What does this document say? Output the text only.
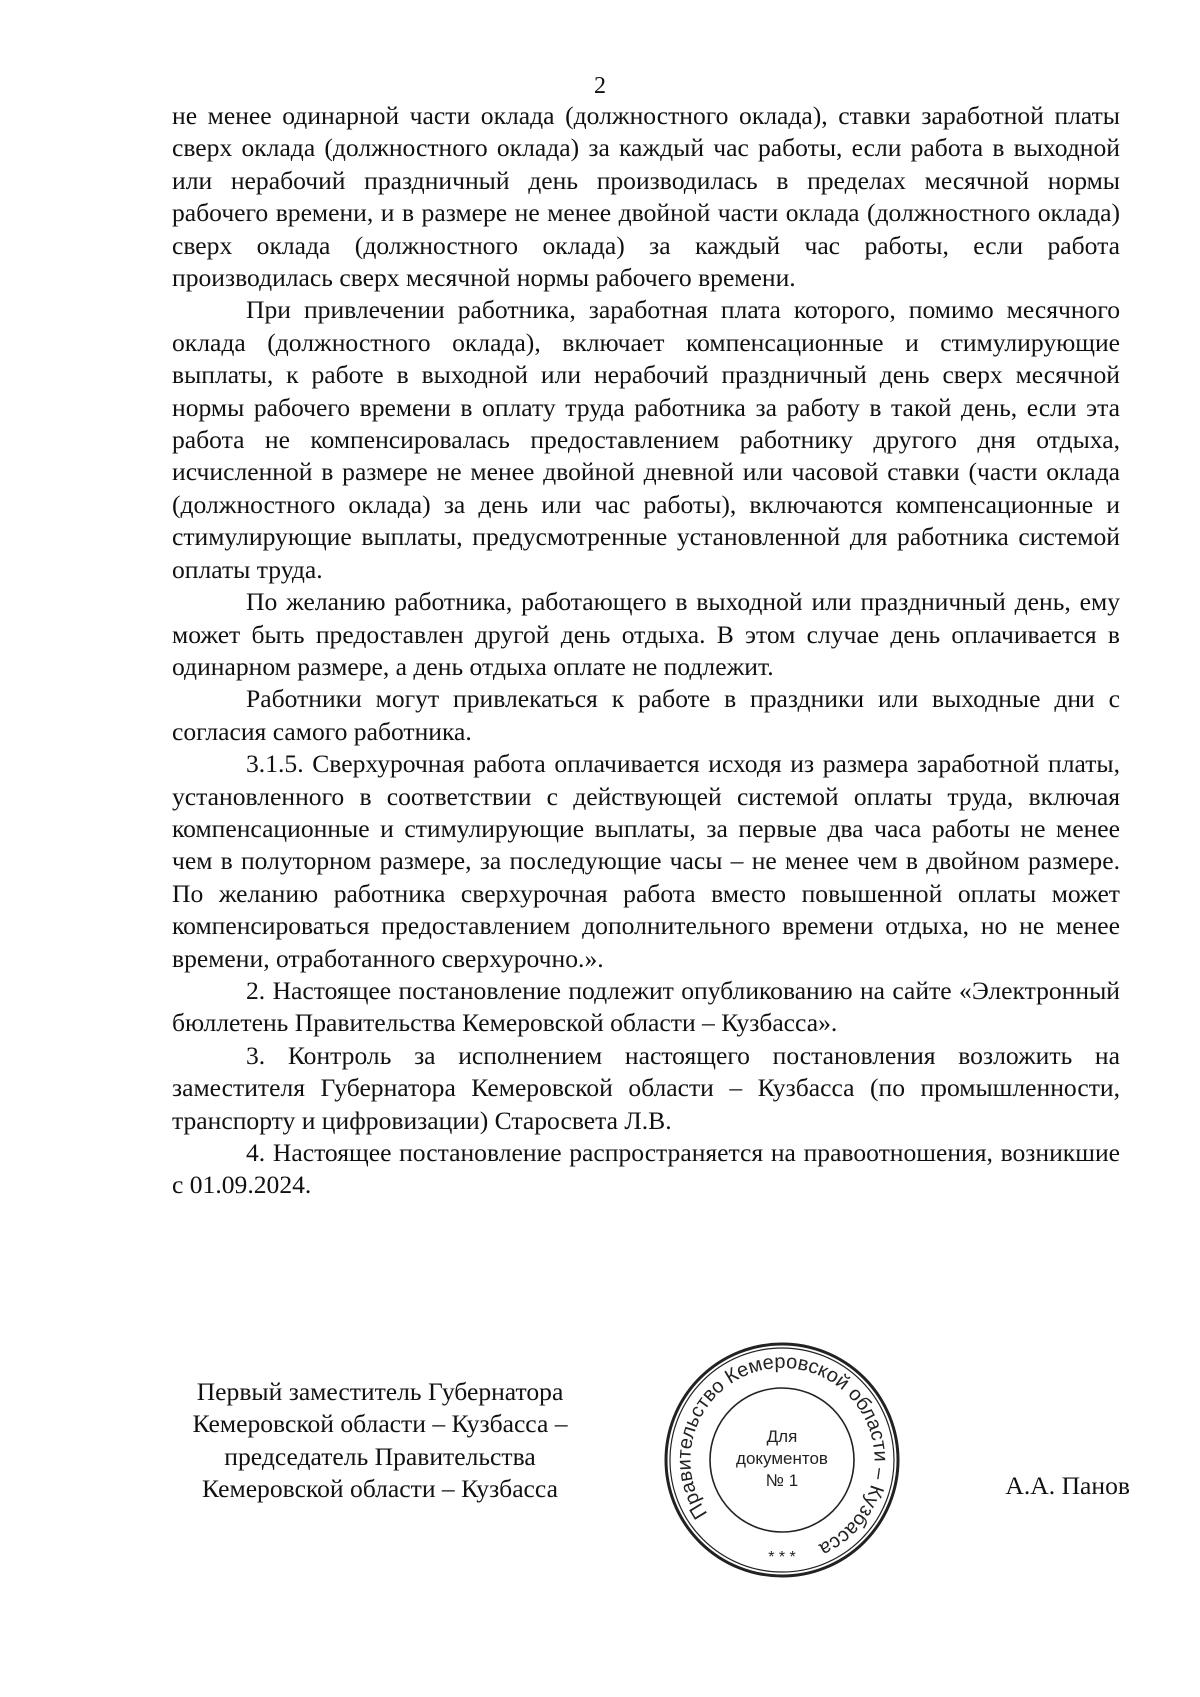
2

не менее одинарной части оклада (должностного оклада), ставки заработной платы сверх оклада (должностного оклада) за каждый час работы, если работа в выходной или нерабочий праздничный день производилась в пределах месячной нормы рабочего времени, и в размере не менее двойной части оклада (должностного оклада) сверх оклада (должностного оклада) за каждый час работы, если работа производилась сверх месячной нормы рабочего времени.

При привлечении работника, заработная плата которого, помимо месячного оклада (должностного оклада), включает компенсационные и стимулирующие выплаты, к работе в выходной или нерабочий праздничный день сверх месячной нормы рабочего времени в оплату труда работника за работу в такой день, если эта работа не компенсировалась предоставлением работнику другого дня отдыха, исчисленной в размере не менее двойной дневной или часовой ставки (части оклада (должностного оклада) за день или час работы), включаются компенсационные и стимулирующие выплаты, предусмотренные установленной для работника системой оплаты труда.

По желанию работника, работающего в выходной или праздничный день, ему может быть предоставлен другой день отдыха. В этом случае день оплачивается в одинарном размере, а день отдыха оплате не подлежит.

Работники могут привлекаться к работе в праздники или выходные дни с согласия самого работника.

3.1.5. Сверхурочная работа оплачивается исходя из размера заработной платы, установленного в соответствии с действующей системой оплаты труда, включая компенсационные и стимулирующие выплаты, за первые два часа работы не менее чем в полуторном размере, за последующие часы – не менее чем в двойном размере. По желанию работника сверхурочная работа вместо повышенной оплаты может компенсироваться предоставлением дополнительного времени отдыха, но не менее времени, отработанного сверхурочно.».

2. Настоящее постановление подлежит опубликованию на сайте «Электронный бюллетень Правительства Кемеровской области – Кузбасса».

3. Контроль за исполнением настоящего постановления возложить на заместителя Губернатора Кемеровской области – Кузбасса (по промышленности, транспорту и цифровизации) Старосвета Л.В.

4. Настоящее постановление распространяется на правоотношения, возникшие с 01.09.2024.

Первый заместитель Губернатора
Кемеровской области – Кузбасса –
председатель Правительства
Кемеровской области – Кузбасса
Правительство Кемеровской области – Кузбасса
* * *
Для
документов
№ 1	А.А. Панов
